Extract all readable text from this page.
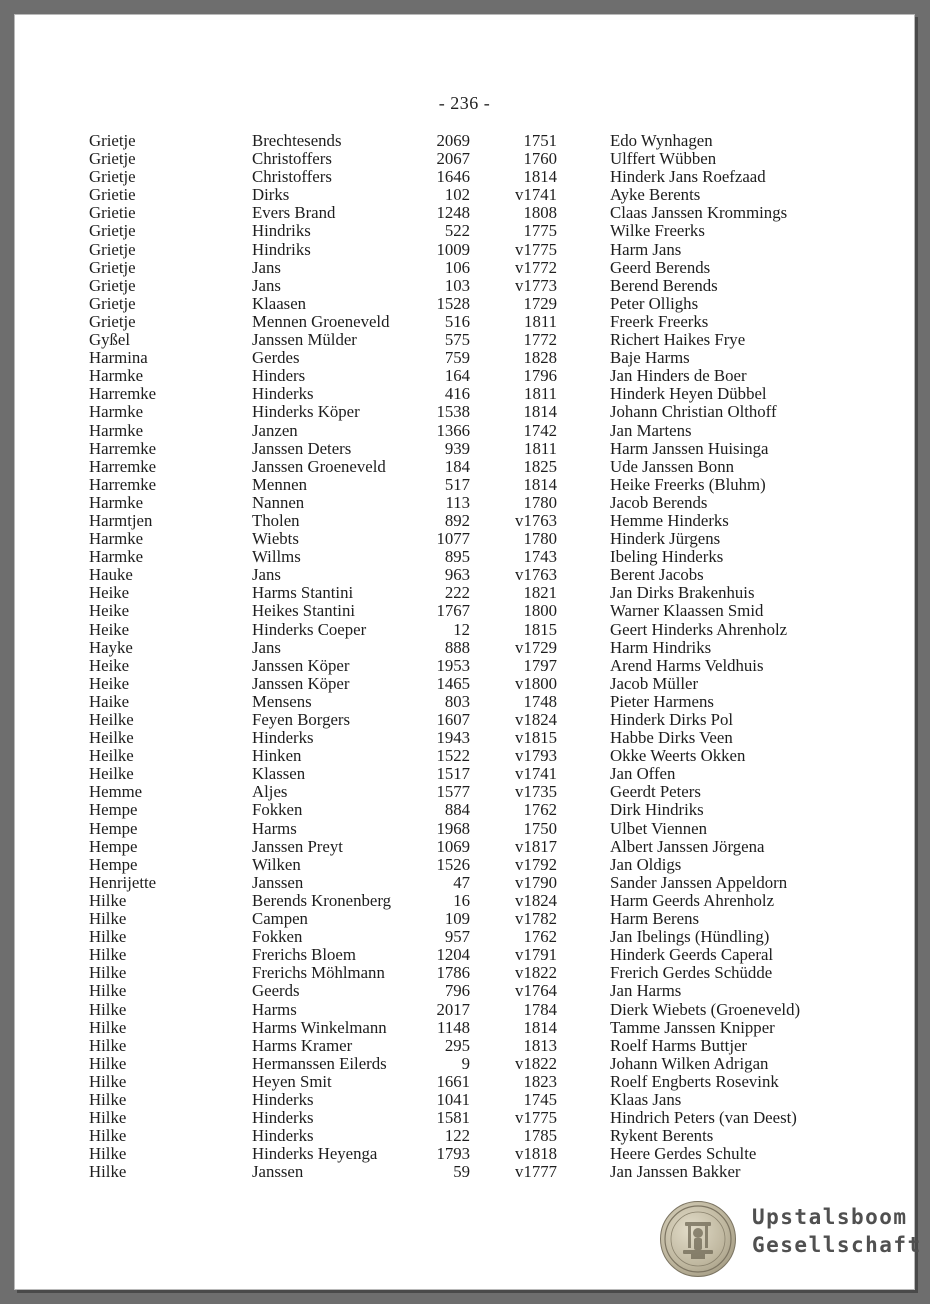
- 236 -
Grietje	Brechtesends	2069	1751	Edo Wynhagen
Grietje	Christoffers	2067	1760	Ulffert Wübben
Grietje	Christoffers	1646	1814	Hinderk Jans Roefzaad
Grietie	Dirks	102	v1741	Ayke Berents
Grietie	Evers Brand	1248	1808	Claas Janssen Krommings
Grietje	Hindriks	522	1775	Wilke Freerks
Grietje	Hindriks	1009	v1775	Harm Jans
Grietje	Jans	106	v1772	Geerd Berends
Grietje	Jans	103	v1773	Berend Berends
Grietje	Klaasen	1528	1729	Peter Ollighs
Grietje	Mennen Groeneveld	516	1811	Freerk Freerks
Gyßel	Janssen Mülder	575	1772	Richert Haikes Frye
Harmina	Gerdes	759	1828	Baje Harms
Harmke	Hinders	164	1796	Jan Hinders de Boer
Harremke	Hinderks	416	1811	Hinderk Heyen Dübbel
Harmke	Hinderks Köper	1538	1814	Johann Christian Olthoff
Harmke	Janzen	1366	1742	Jan Martens
Harremke	Janssen Deters	939	1811	Harm Janssen Huisinga
Harremke	Janssen Groeneveld	184	1825	Ude Janssen Bonn
Harremke	Mennen	517	1814	Heike Freerks (Bluhm)
Harmke	Nannen	113	1780	Jacob Berends
Harmtjen	Tholen	892	v1763	Hemme Hinderks
Harmke	Wiebts	1077	1780	Hinderk Jürgens
Harmke	Willms	895	1743	Ibeling Hinderks
Hauke	Jans	963	v1763	Berent Jacobs
Heike	Harms Stantini	222	1821	Jan Dirks Brakenhuis
Heike	Heikes Stantini	1767	1800	Warner Klaassen Smid
Heike	Hinderks Coeper	12	1815	Geert Hinderks Ahrenholz
Hayke	Jans	888	v1729	Harm Hindriks
Heike	Janssen Köper	1953	1797	Arend Harms Veldhuis
Heike	Janssen Köper	1465	v1800	Jacob Müller
Haike	Mensens	803	1748	Pieter Harmens
Heilke	Feyen Borgers	1607	v1824	Hinderk Dirks Pol
Heilke	Hinderks	1943	v1815	Habbe Dirks Veen
Heilke	Hinken	1522	v1793	Okke Weerts Okken
Heilke	Klassen	1517	v1741	Jan Offen
Hemme	Aljes	1577	v1735	Geerdt Peters
Hempe	Fokken	884	1762	Dirk Hindriks
Hempe	Harms	1968	1750	Ulbet Viennen
Hempe	Janssen Preyt	1069	v1817	Albert Janssen Jörgena
Hempe	Wilken	1526	v1792	Jan Oldigs
Henrijette	Janssen	47	v1790	Sander Janssen Appeldorn
Hilke	Berends Kronenberg	16	v1824	Harm Geerds Ahrenholz
Hilke	Campen	109	v1782	Harm Berens
Hilke	Fokken	957	1762	Jan Ibelings (Hündling)
Hilke	Frerichs Bloem	1204	v1791	Hinderk Geerds Caperal
Hilke	Frerichs Möhlmann	1786	v1822	Frerich Gerdes Schüdde
Hilke	Geerds	796	v1764	Jan Harms
Hilke	Harms	2017	1784	Dierk Wiebets (Groeneveld)
Hilke	Harms Winkelmann	1148	1814	Tamme Janssen Knipper
Hilke	Harms Kramer	295	1813	Roelf Harms Buttjer
Hilke	Hermanssen Eilerds	9	v1822	Johann Wilken Adrigan
Hilke	Heyen Smit	1661	1823	Roelf Engberts Rosevink
Hilke	Hinderks	1041	1745	Klaas Jans
Hilke	Hinderks	1581	v1775	Hindrich Peters (van Deest)
Hilke	Hinderks	122	1785	Rykent Berents
Hilke	Hinderks Heyenga	1793	v1818	Heere Gerdes Schulte
Hilke	Janssen	59	v1777	Jan Janssen Bakker
Upstalsboom
Gesellschaft
